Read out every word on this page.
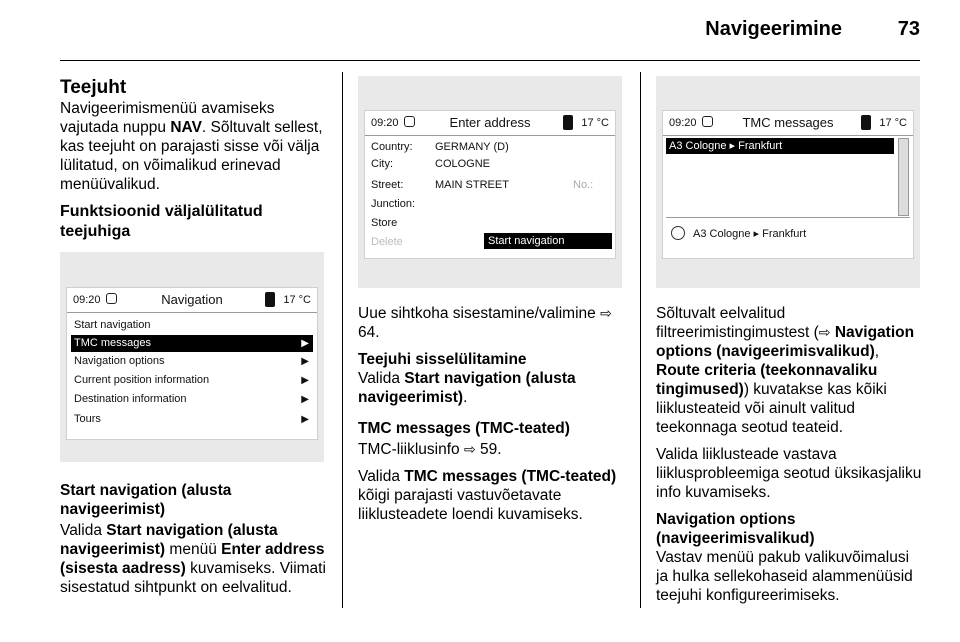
Navigeerimine	73
Teejuht

Navigeerimismenüü avamiseks vajutada nuppu NAV. Sõltuvalt sellest, kas teejuht on parajasti sisse või välja lülitatud, on võimalikud erinevad menüüvalikud.

Funktsioonid väljalülitatud teejuhiga
09:20	Navigation	17 °C
Start navigation
TMC messages	▶
Navigation options	▶
Current position information	▶
Destination information	▶
Tours	▶
Start navigation (alusta navigeerimist)

Valida Start navigation (alusta navigeerimist) menüü Enter address (sisesta aadress) kuvamiseks. Viimati sisestatud sihtpunkt on eelvalitud.

09:20	Enter address	17 °C
Country: GERMANY (D)
City:	COLOGNE
Street:	MAIN STREET	No.:
Junction:
Store
Delete	Start navigation

Uue sihtkoha sisestamine/valimine ⇨ 64.

Teejuhi sisselülitamine

Valida Start navigation (alusta navigeerimist).

TMC messages (TMC-teated)

TMC-liiklusinfo ⇨ 59.

Valida TMC messages (TMC-teated) kõigi parajasti vastuvõetavate liiklusteadete loendi kuvamiseks.

09:20	TMC messages	17 °C
A3 Cologne ▸ Frankfurt
A3 Cologne ▸ Frankfurt

Sõltuvalt eelvalitud filtreerimistingimustest (⇨ Navigation options (navigeerimisvalikud), Route criteria (teekonnavaliku tingimused)) kuvatakse kas kõiki liiklusteateid või ainult valitud teekonnaga seotud teateid.

Valida liiklusteade vastava liiklusprobleemiga seotud üksikasjaliku info kuvamiseks.

Navigation options (navigeerimisvalikud)

Vastav menüü pakub valikuvõimalusi ja hulka sellekohaseid alammenüüsid teejuhi konfigureerimiseks.
